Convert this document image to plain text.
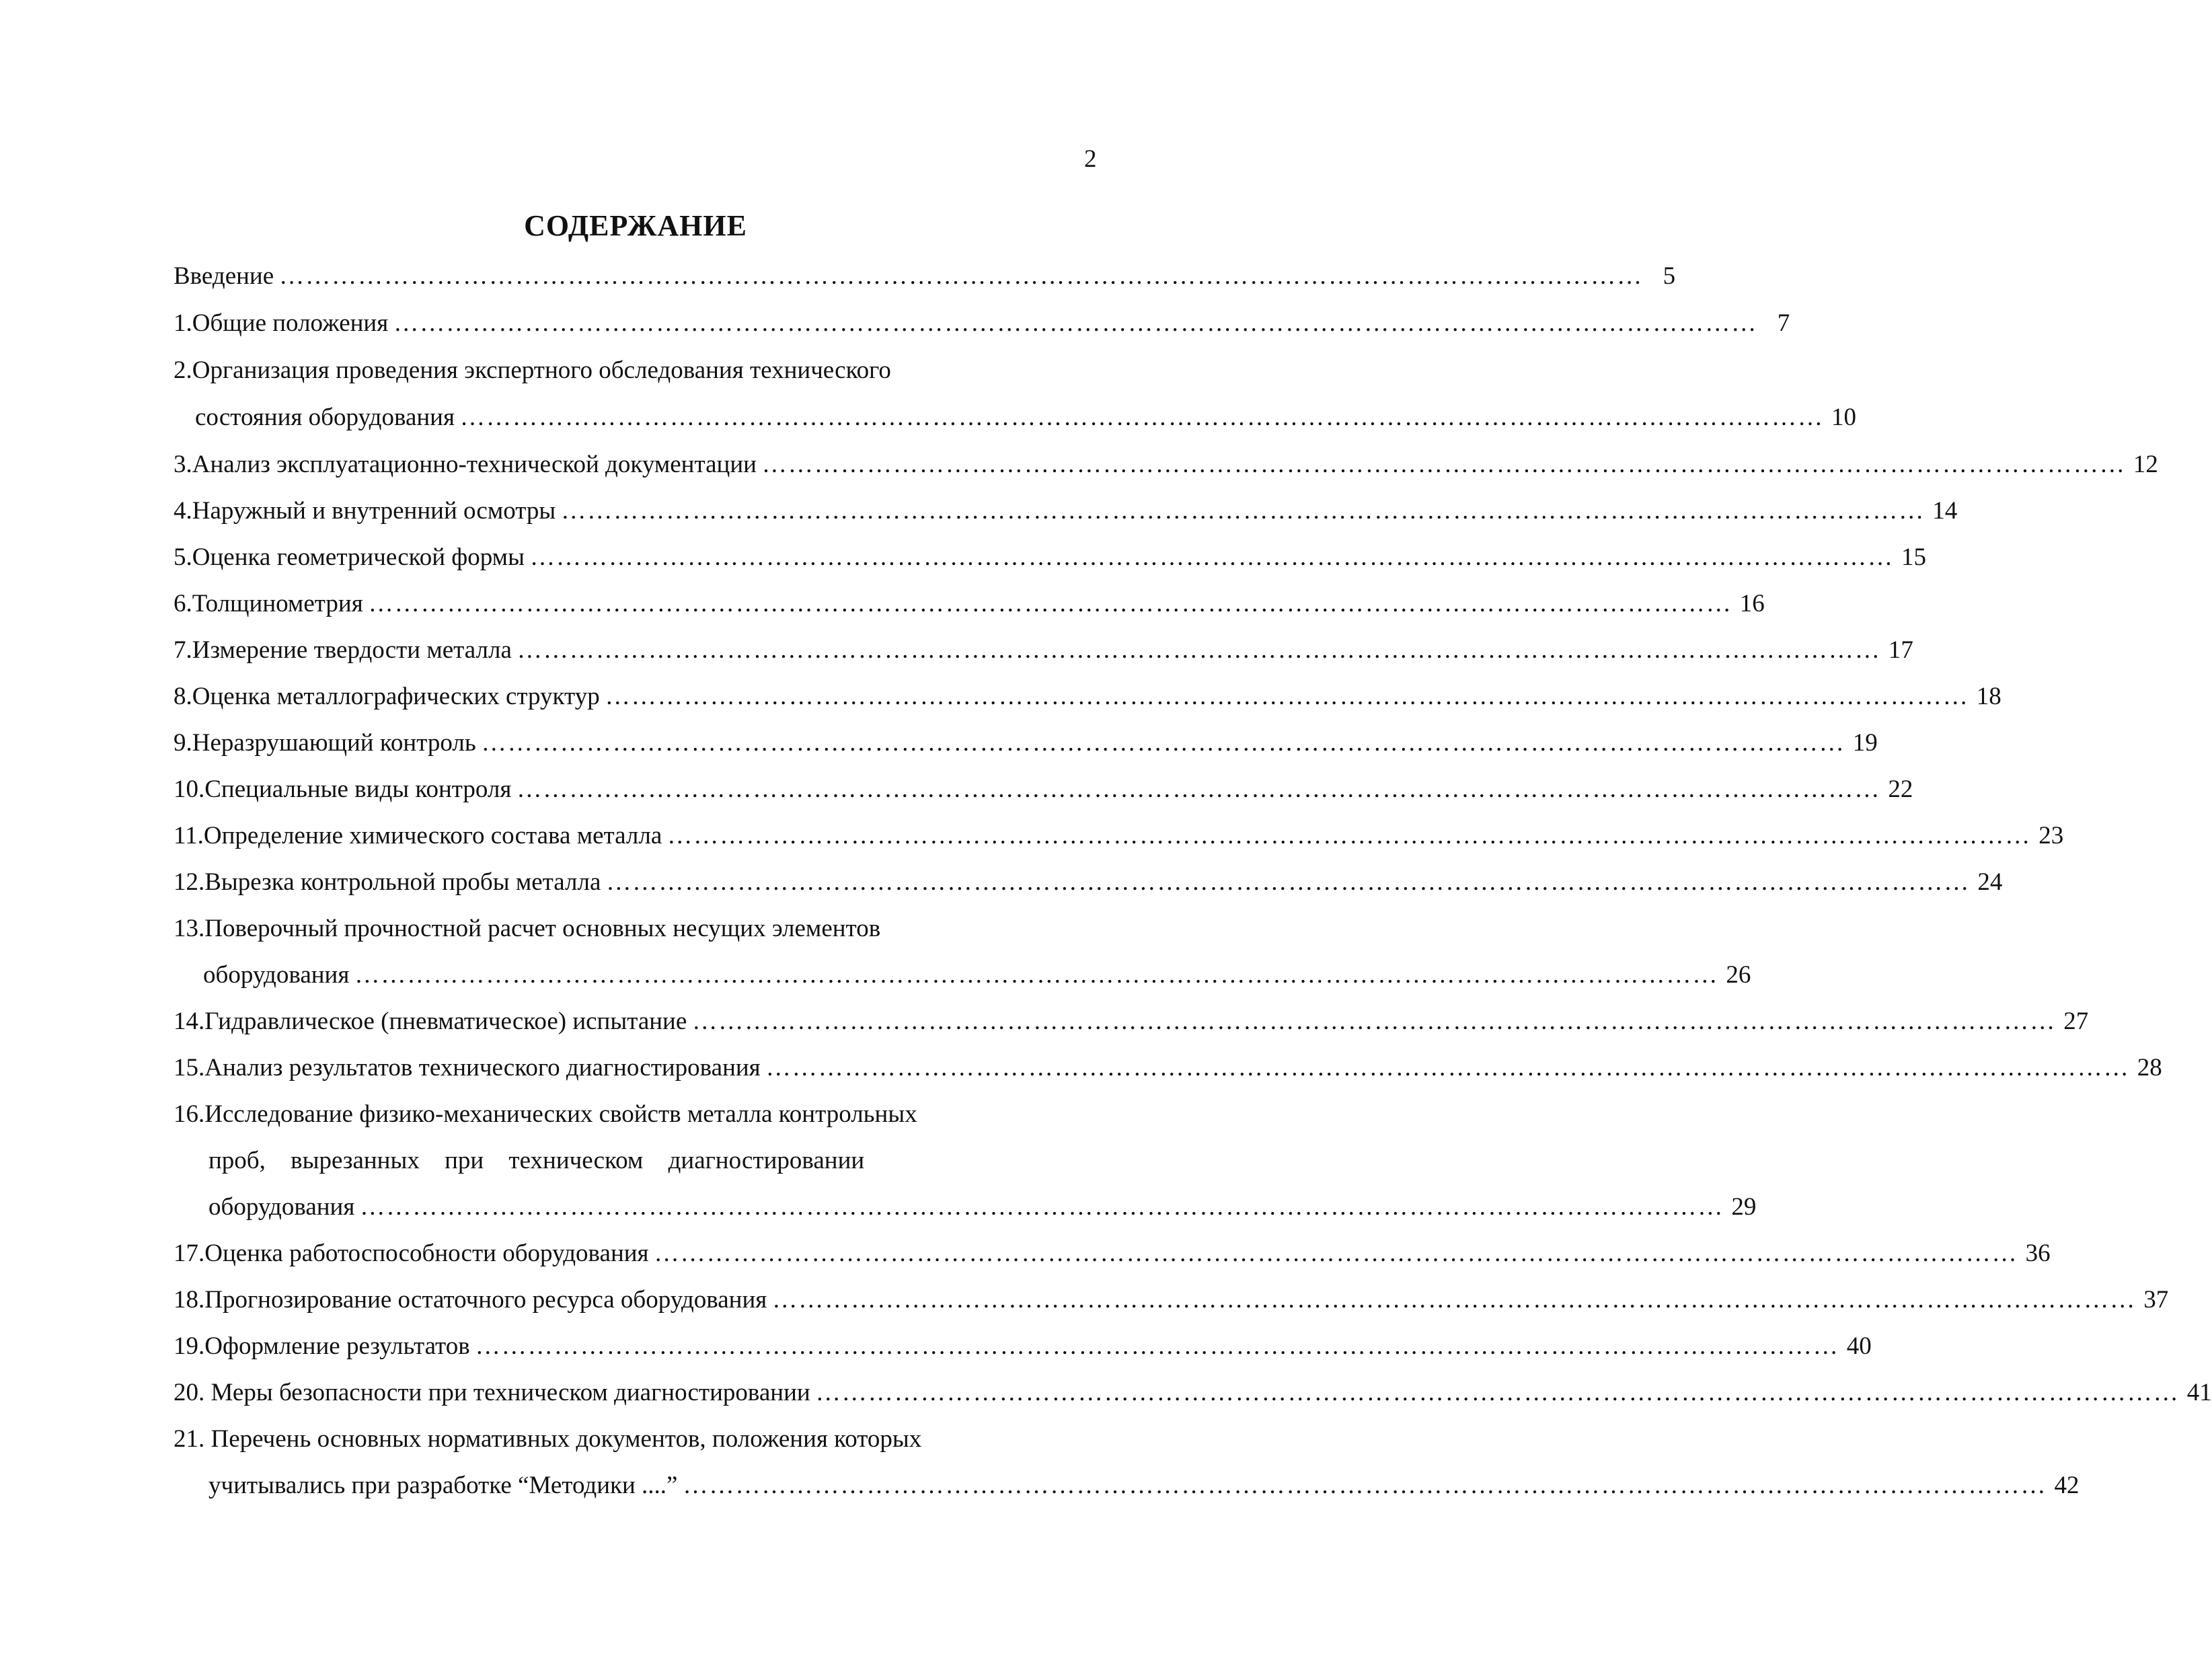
2
СОДЕРЖАНИЕ
Введение ………………………………………………………………………………………………………………………………………… 5
1.Общие положения ………………………………………………………………………………………………………………………………………… 7
2.Организация проведения экспертного обследования технического
состояния оборудования ………………………………………………………………………………………………………………………………………… 10
3.Анализ эксплуатационно-технической документации ………………………………………………………………………………………………………………………………………… 12
4.Наружный и внутренний осмотры ………………………………………………………………………………………………………………………………………… 14
5.Оценка геометрической формы ………………………………………………………………………………………………………………………………………… 15
6.Толщинометрия ………………………………………………………………………………………………………………………………………… 16
7.Измерение твердости металла ………………………………………………………………………………………………………………………………………… 17
8.Оценка металлографических структур ………………………………………………………………………………………………………………………………………… 18
9.Неразрушающий контроль ………………………………………………………………………………………………………………………………………… 19
10.Специальные виды контроля ………………………………………………………………………………………………………………………………………… 22
11.Определение химического состава металла ………………………………………………………………………………………………………………………………………… 23
12.Вырезка контрольной пробы металла ………………………………………………………………………………………………………………………………………… 24
13.Поверочный прочностной расчет основных несущих элементов
оборудования ………………………………………………………………………………………………………………………………………… 26
14.Гидравлическое (пневматическое) испытание ………………………………………………………………………………………………………………………………………… 27
15.Анализ результатов технического диагностирования ………………………………………………………………………………………………………………………………………… 28
16.Исследование физико-механических свойств металла контрольных
проб, вырезанных при техническом диагностировании
оборудования ………………………………………………………………………………………………………………………………………… 29
17.Оценка работоспособности оборудования ………………………………………………………………………………………………………………………………………… 36
18.Прогнозирование остаточного ресурса оборудования ………………………………………………………………………………………………………………………………………… 37
19.Оформление результатов ………………………………………………………………………………………………………………………………………… 40
20. Меры безопасности при техническом диагностировании ………………………………………………………………………………………………………………………………………… 41
21. Перечень основных нормативных документов, положения которых
учитывались при разработке “Методики ....” ………………………………………………………………………………………………………………………………………… 42
